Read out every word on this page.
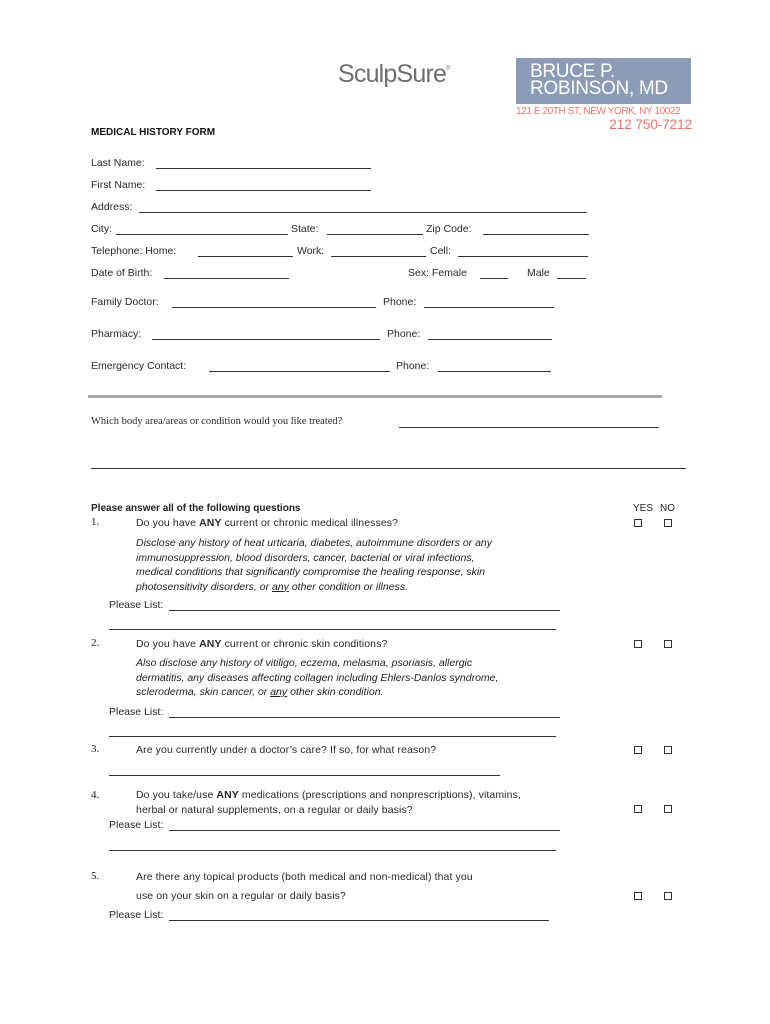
SculpSure®	BRUCE P.
ROBINSON, MD
121 E 20TH ST, NEW YORK, NY 10022
212 750-7212
MEDICAL HISTORY FORM
Last Name:
First Name:
Address:
City:	State:	Zip Code:
Telephone: Home:	Work:	Cell:
Date of Birth:	Sex: Female	Male
Family Doctor:	Phone:
Pharmacy:	Phone:
Emergency Contact:	Phone:
Which body area/areas or condition would you like treated?
Please answer all of the following questions	YES NO
1.	Do you have ANY current or chronic medical illnesses?
Disclose any history of heat urticaria, diabetes, autoimmune disorders or any
immunosuppression, blood disorders, cancer, bacterial or viral infections,
medical conditions that significantly compromise the healing response, skin
photosensitivity disorders, or any other condition or illness.
Please List:
2.	Do you have ANY current or chronic skin conditions?
Also disclose any history of vitiligo, eczema, melasma, psoriasis, allergic
dermatitis, any diseases affecting collagen including Ehlers-Danlos syndrome,
scleroderma, skin cancer, or any other skin condition.
Please List:
3.	Are you currently under a doctor’s care? If so, for what reason?
4.	Do you take/use ANY medications (prescriptions and nonprescriptions), vitamins,
herbal or natural supplements, on a regular or daily basis?
Please List:
5.	Are there any topical products (both medical and non-medical) that you
use on your skin on a regular or daily basis?
Please List:
